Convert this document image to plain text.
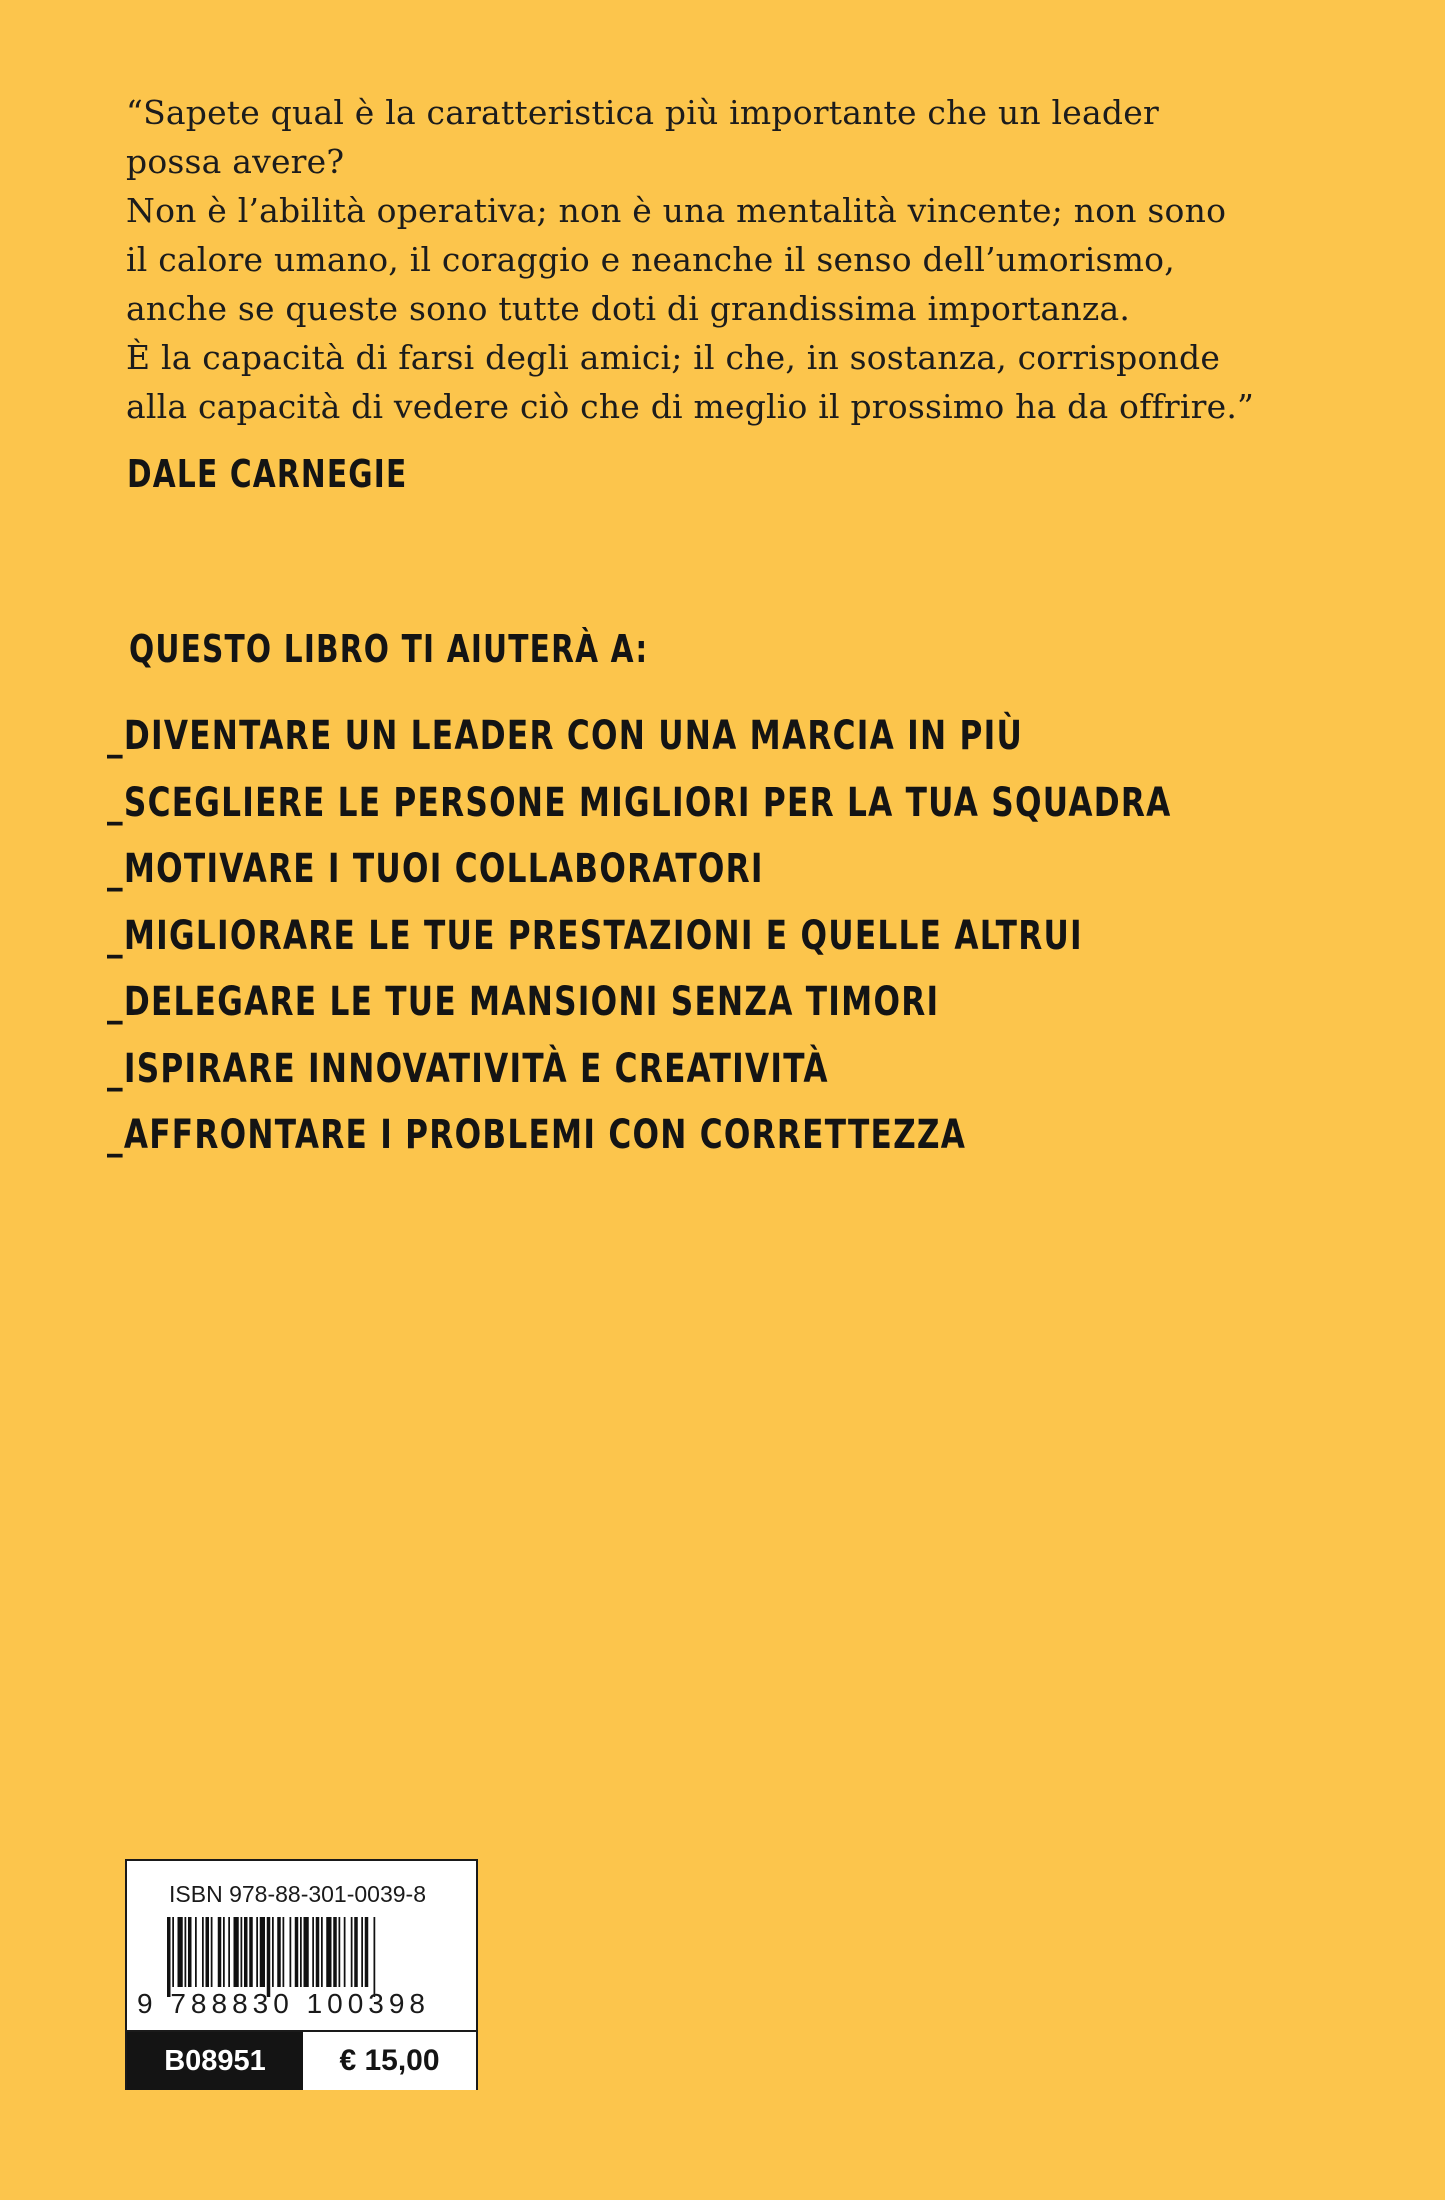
“Sapete qual è la caratteristica più importante che un leader
possa avere?
Non è l’abilità operativa; non è una mentalità vincente; non sono
il calore umano, il coraggio e neanche il senso dell’umorismo,
anche se queste sono tutte doti di grandissima importanza.
È la capacità di farsi degli amici; il che, in sostanza, corrisponde
alla capacità di vedere ciò che di meglio il prossimo ha da offrire.”
DALE CARNEGIE
QUESTO LIBRO TI AIUTERÀ A:
_DIVENTARE UN LEADER CON UNA MARCIA IN PIÙ
_SCEGLIERE LE PERSONE MIGLIORI PER LA TUA SQUADRA
_MOTIVARE I TUOI COLLABORATORI
_MIGLIORARE LE TUE PRESTAZIONI E QUELLE ALTRUI
_DELEGARE LE TUE MANSIONI SENZA TIMORI
_ISPIRARE INNOVATIVITÀ E CREATIVITÀ
_AFFRONTARE I PROBLEMI CON CORRETTEZZA
ISBN 978-88-301-0039-8
9 788830 100398
B08951	€ 15,00
